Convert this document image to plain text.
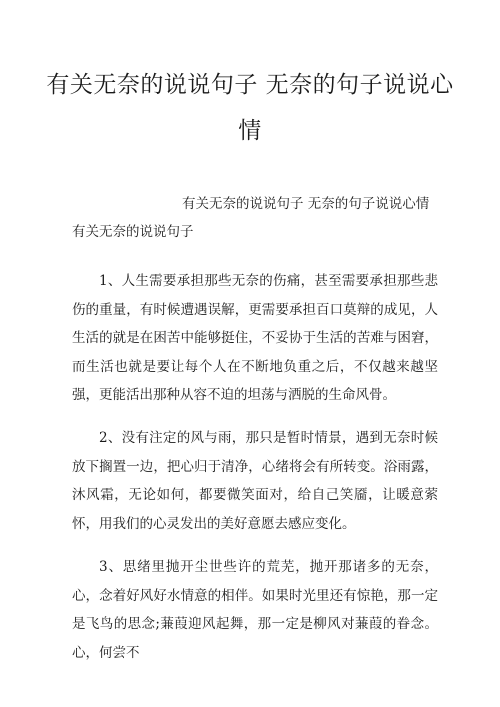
有关无奈的说说句子 无奈的句子说说心情
有关无奈的说说句子 无奈的句子说说心情
有关无奈的说说句子

1、人生需要承担那些无奈的伤痛，甚至需要承担那些悲伤的重量，有时候遭遇误解，更需要承担百口莫辩的成见，人生活的就是在困苦中能够挺住，不妥协于生活的苦难与困窘，而生活也就是要让每个人在不断地负重之后，不仅越来越坚强，更能活出那种从容不迫的坦荡与洒脱的生命风骨。

2、没有注定的风与雨，那只是暂时情景，遇到无奈时候放下搁置一边，把心归于清净，心绪将会有所转变。浴雨露，沐风霜，无论如何，都要微笑面对，给自己笑靥，让暖意萦怀，用我们的心灵发出的美好意愿去感应变化。

3、思绪里抛开尘世些许的荒芜，抛开那诸多的无奈，心，念着好风好水情意的相伴。如果时光里还有惊艳，那一定是飞鸟的思念;蒹葭迎风起舞，那一定是柳风对蒹葭的眷念。心，何尝不
